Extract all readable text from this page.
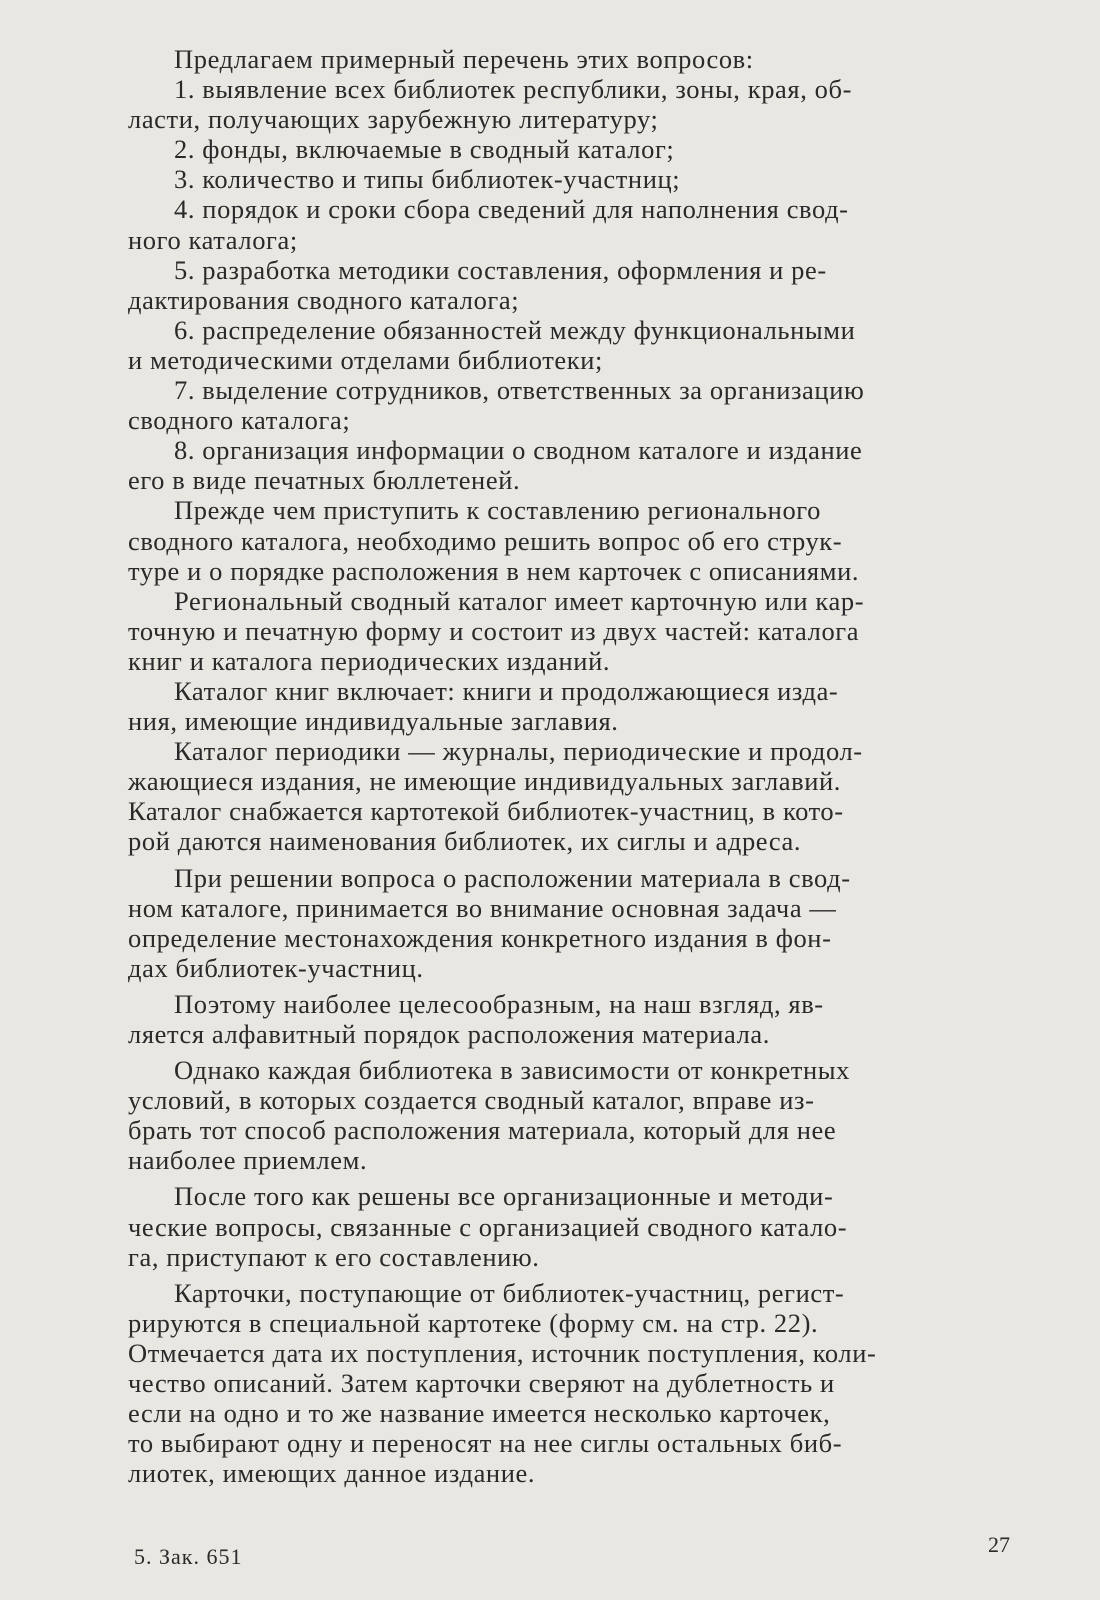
Предлагаем примерный перечень этих вопросов:
1. выявление всех библиотек республики, зоны, края, об-
ласти, получающих зарубежную литературу;
2. фонды, включаемые в сводный каталог;
3. количество и типы библиотек-участниц;
4. порядок и сроки сбора сведений для наполнения свод-
ного каталога;
5. разработка методики составления, оформления и ре-
дактирования сводного каталога;
6. распределение обязанностей между функциональными
и методическими отделами библиотеки;
7. выделение сотрудников, ответственных за организацию
сводного каталога;
8. организация информации о сводном каталоге и издание
его в виде печатных бюллетеней.
Прежде чем приступить к составлению регионального
сводного каталога, необходимо решить вопрос об его струк-
туре и о порядке расположения в нем карточек с описаниями.
Региональный сводный каталог имеет карточную или кар-
точную и печатную форму и состоит из двух частей: каталога
книг и каталога периодических изданий.
Каталог книг включает: книги и продолжающиеся изда-
ния, имеющие индивидуальные заглавия.
Каталог периодики — журналы, периодические и продол-
жающиеся издания, не имеющие индивидуальных заглавий.
Каталог снабжается картотекой библиотек-участниц, в кото-
рой даются наименования библиотек, их сиглы и адреса.
При решении вопроса о расположении материала в свод-
ном каталоге, принимается во внимание основная задача —
определение местонахождения конкретного издания в фон-
дах библиотек-участниц.
Поэтому наиболее целесообразным, на наш взгляд, яв-
ляется алфавитный порядок расположения материала.
Однако каждая библиотека в зависимости от конкретных
условий, в которых создается сводный каталог, вправе из-
брать тот способ расположения материала, который для нее
наиболее приемлем.
После того как решены все организационные и методи-
ческие вопросы, связанные с организацией сводного катало-
га, приступают к его составлению.
Карточки, поступающие от библиотек-участниц, регист-
рируются в специальной картотеке (форму см. на стр. 22).
Отмечается дата их поступления, источник поступления, коли-
чество описаний. Затем карточки сверяют на дублетность и
если на одно и то же название имеется несколько карточек,
то выбирают одну и переносят на нее сиглы остальных биб-
лиотек, имеющих данное издание.
5. Зак. 651	27
